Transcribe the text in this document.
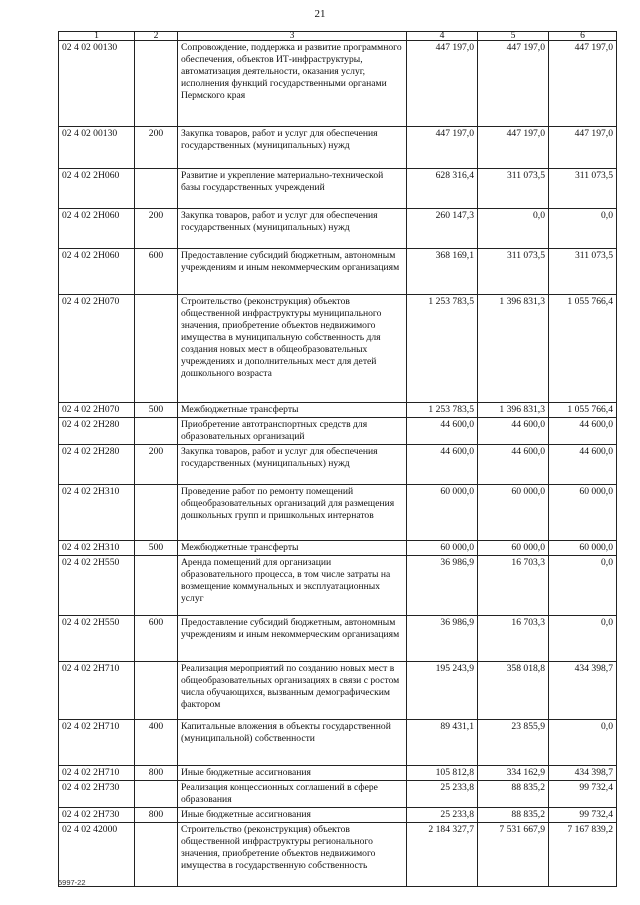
21
1	2	3	4	5	6
02 4 02 00130		Сопровождение, поддержка и развитие программного обеспечения, объектов ИТ-инфраструктуры, автоматизация деятельности, оказания услуг, исполнения функций государственными органами Пермского края	447 197,0	447 197,0	447 197,0
02 4 02 00130	200	Закупка товаров, работ и услуг для обеспечения государственных (муниципальных) нужд	447 197,0	447 197,0	447 197,0
02 4 02 2Н060		Развитие и укрепление материально-технической базы государственных учреждений	628 316,4	311 073,5	311 073,5
02 4 02 2Н060	200	Закупка товаров, работ и услуг для обеспечения государственных (муниципальных) нужд	260 147,3	0,0	0,0
02 4 02 2Н060	600	Предоставление субсидий бюджетным, автономным учреждениям и иным некоммерческим организациям	368 169,1	311 073,5	311 073,5
02 4 02 2Н070		Строительство (реконструкция) объектов общественной инфраструктуры муниципального значения, приобретение объектов недвижимого имущества в муниципальную собственность для создания новых мест в общеобразовательных учреждениях и дополнительных мест для детей дошкольного возраста	1 253 783,5	1 396 831,3	1 055 766,4
02 4 02 2Н070	500	Межбюджетные трансферты	1 253 783,5	1 396 831,3	1 055 766,4
02 4 02 2Н280		Приобретение автотранспортных средств для образовательных организаций	44 600,0	44 600,0	44 600,0
02 4 02 2Н280	200	Закупка товаров, работ и услуг для обеспечения государственных (муниципальных) нужд	44 600,0	44 600,0	44 600,0
02 4 02 2Н310		Проведение работ по ремонту помещений общеобразовательных организаций для размещения дошкольных групп и пришкольных интернатов	60 000,0	60 000,0	60 000,0
02 4 02 2Н310	500	Межбюджетные трансферты	60 000,0	60 000,0	60 000,0
02 4 02 2Н550		Аренда помещений для организации образовательного процесса, в том числе затраты на возмещение коммунальных и эксплуатационных услуг	36 986,9	16 703,3	0,0
02 4 02 2Н550	600	Предоставление субсидий бюджетным, автономным учреждениям и иным некоммерческим организациям	36 986,9	16 703,3	0,0
02 4 02 2Н710		Реализация мероприятий по созданию новых мест в общеобразовательных организациях в связи с ростом числа обучающихся, вызванным демографическим фактором	195 243,9	358 018,8	434 398,7
02 4 02 2Н710	400	Капитальные вложения в объекты государственной (муниципальной) собственности	89 431,1	23 855,9	0,0
02 4 02 2Н710	800	Иные бюджетные ассигнования	105 812,8	334 162,9	434 398,7
02 4 02 2Н730		Реализация концессионных соглашений в сфере образования	25 233,8	88 835,2	99 732,4
02 4 02 2Н730	800	Иные бюджетные ассигнования	25 233,8	88 835,2	99 732,4
02 4 02 42000		Строительство (реконструкция) объектов общественной инфраструктуры регионального значения, приобретение объектов недвижимого имущества в государственную собственность	2 184 327,7	7 531 667,9	7 167 839,2
5997-22
